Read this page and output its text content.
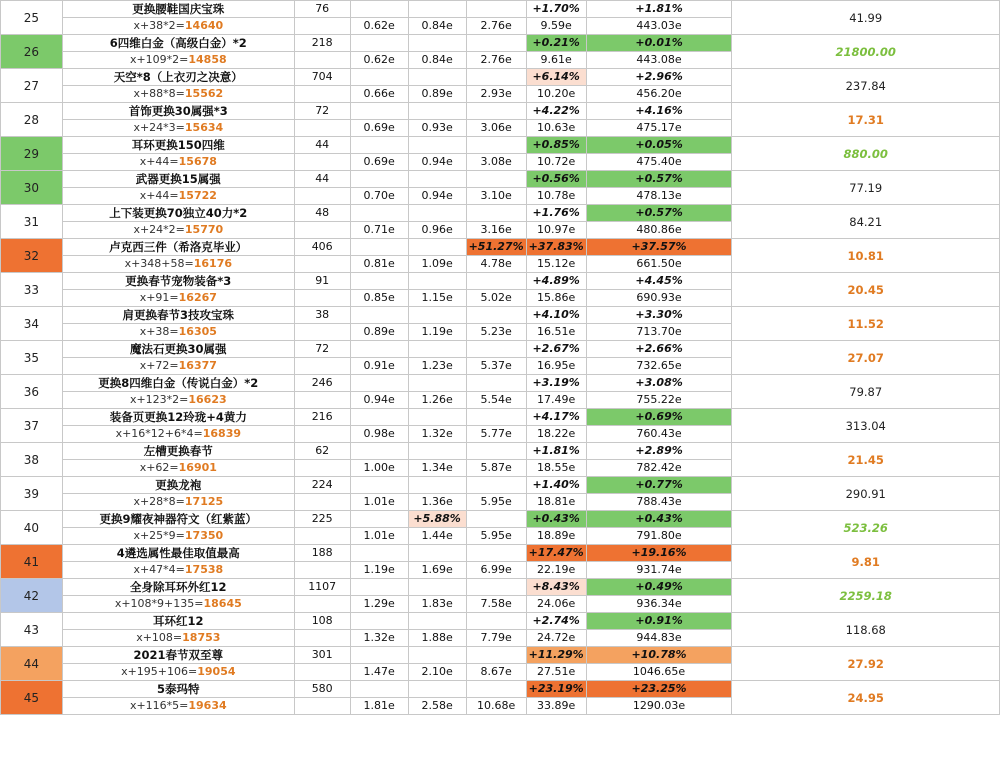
25	更换腰鞋国庆宝珠	76				+1.70%	+1.81%	41.99
	x+38*2=14640		0.62e	0.84e	2.76e	9.59e	443.03e	
26	6四维白金（高级白金）*2	218				+0.21%	+0.01%	21800.00
	x+109*2=14858		0.62e	0.84e	2.76e	9.61e	443.08e	
27	天空*8（上衣刃之决意）	704				+6.14%	+2.96%	237.84
	x+88*8=15562		0.66e	0.89e	2.93e	10.20e	456.20e	
28	首饰更换30属强*3	72				+4.22%	+4.16%	17.31
	x+24*3=15634		0.69e	0.93e	3.06e	10.63e	475.17e	
29	耳环更换150四维	44				+0.85%	+0.05%	880.00
	x+44=15678		0.69e	0.94e	3.08e	10.72e	475.40e	
30	武器更换15属强	44				+0.56%	+0.57%	77.19
	x+44=15722		0.70e	0.94e	3.10e	10.78e	478.13e	
31	上下装更换70独立40力*2	48				+1.76%	+0.57%	84.21
	x+24*2=15770		0.71e	0.96e	3.16e	10.97e	480.86e	
32	卢克西三件（希洛克毕业）	406			+51.27%	+37.83%	+37.57%	10.81
	x+348+58=16176		0.81e	1.09e	4.78e	15.12e	661.50e	
33	更换春节宠物装备*3	91				+4.89%	+4.45%	20.45
	x+91=16267		0.85e	1.15e	5.02e	15.86e	690.93e	
34	肩更换春节3技攻宝珠	38				+4.10%	+3.30%	11.52
	x+38=16305		0.89e	1.19e	5.23e	16.51e	713.70e	
35	魔法石更换30属强	72				+2.67%	+2.66%	27.07
	x+72=16377		0.91e	1.23e	5.37e	16.95e	732.65e	
36	更换8四维白金（传说白金）*2	246				+3.19%	+3.08%	79.87
	x+123*2=16623		0.94e	1.26e	5.54e	17.49e	755.22e	
37	装备页更换12玲珑+4黄力	216				+4.17%	+0.69%	313.04
	x+16*12+6*4=16839		0.98e	1.32e	5.77e	18.22e	760.43e	
38	左槽更换春节	62				+1.81%	+2.89%	21.45
	x+62=16901		1.00e	1.34e	5.87e	18.55e	782.42e	
39	更换龙袍	224				+1.40%	+0.77%	290.91
	x+28*8=17125		1.01e	1.36e	5.95e	18.81e	788.43e	
40	更换9耀夜神器符文（红紫蓝）	225		+5.88%		+0.43%	+0.43%	523.26
	x+25*9=17350		1.01e	1.44e	5.95e	18.89e	791.80e	
41	4遴选属性最佳取值最高	188				+17.47%	+19.16%	9.81
	x+47*4=17538		1.19e	1.69e	6.99e	22.19e	931.74e	
42	全身除耳环外红12	1107				+8.43%	+0.49%	2259.18
	x+108*9+135=18645		1.29e	1.83e	7.58e	24.06e	936.34e	
43	耳环红12	108				+2.74%	+0.91%	118.68
	x+108=18753		1.32e	1.88e	7.79e	24.72e	944.83e	
44	2021春节双至尊	301				+11.29%	+10.78%	27.92
	x+195+106=19054		1.47e	2.10e	8.67e	27.51e	1046.65e	
45	5泰玛特	580				+23.19%	+23.25%	24.95
	x+116*5=19634		1.81e	2.58e	10.68e	33.89e	1290.03e	
